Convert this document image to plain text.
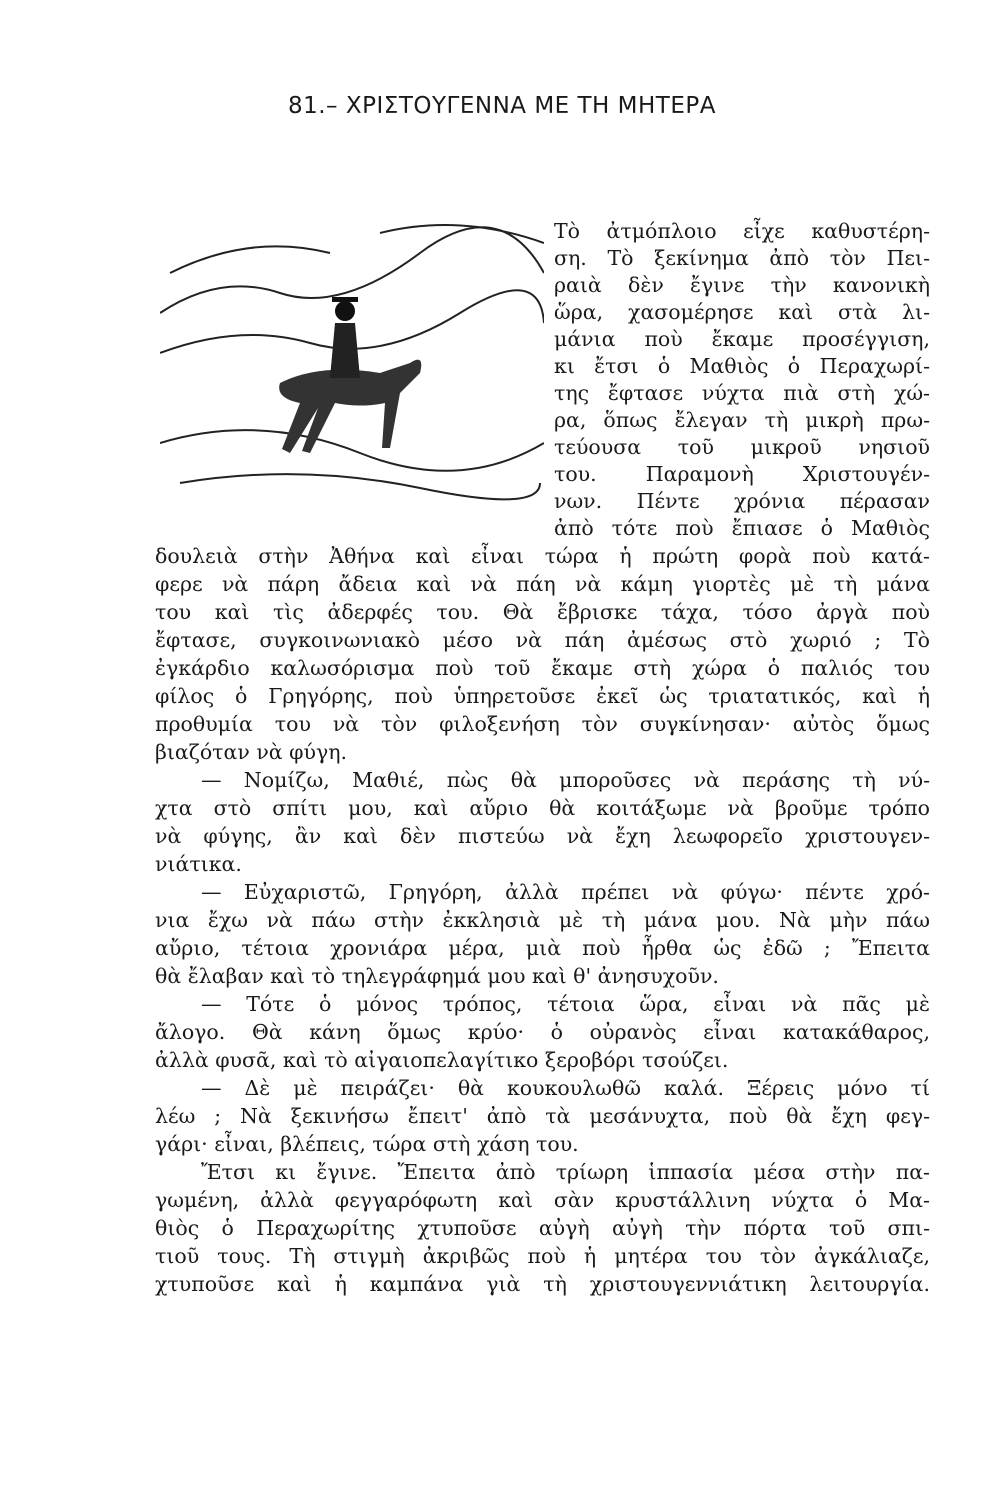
81.– ΧΡΙΣΤΟΥΓΕΝΝΑ ΜΕ ΤΗ ΜΗΤΕΡΑ
Τὸ ἀτμόπλοιο εἶχε καθυστέρη-
ση. Τὸ ξεκίνημα ἀπὸ τὸν Πει-
ραιὰ δὲν ἔγινε τὴν κανονικὴ
ὥρα, χασομέρησε καὶ στὰ λι-
μάνια ποὺ ἔκαμε προσέγγιση,
κι ἔτσι ὁ Μαθιὸς ὁ Περαχωρί-
της ἔφτασε νύχτα πιὰ στὴ χώ-
ρα, ὅπως ἔλεγαν τὴ μικρὴ πρω-
τεύουσα τοῦ μικροῦ νησιοῦ
του. Παραμονὴ Χριστουγέν-
νων. Πέντε χρόνια πέρασαν
ἀπὸ τότε ποὺ ἔπιασε ὁ Μαθιὸς
δουλειὰ στὴν Ἀθήνα καὶ εἶναι τώρα ἡ πρώτη φορὰ ποὺ κατά-
φερε νὰ πάρη ἄδεια καὶ νὰ πάη νὰ κάμη γιορτὲς μὲ τὴ μάνα
του καὶ τὶς ἀδερφές του. Θὰ ἔβρισκε τάχα, τόσο ἀργὰ ποὺ
ἔφτασε, συγκοινωνιακὸ μέσο νὰ πάη ἀμέσως στὸ χωριό ; Τὸ
ἐγκάρδιο καλωσόρισμα ποὺ τοῦ ἔκαμε στὴ χώρα ὁ παλιός του
φίλος ὁ Γρηγόρης, ποὺ ὑπηρετοῦσε ἐκεῖ ὡς τριατατικός, καὶ ἡ
προθυμία του νὰ τὸν φιλοξενήση τὸν συγκίνησαν· αὐτὸς ὅμως
βιαζόταν νὰ φύγη.
— Νομίζω, Μαθιέ, πὼς θὰ μποροῦσες νὰ περάσης τὴ νύ-
χτα στὸ σπίτι μου, καὶ αὔριο θὰ κοιτάξωμε νὰ βροῦμε τρόπο
νὰ φύγης, ἂν καὶ δὲν πιστεύω νὰ ἔχη λεωφορεῖο χριστουγεν-
νιάτικα.
— Εὐχαριστῶ, Γρηγόρη, ἀλλὰ πρέπει νὰ φύγω· πέντε χρό-
νια ἔχω νὰ πάω στὴν ἐκκλησιὰ μὲ τὴ μάνα μου. Νὰ μὴν πάω
αὔριο, τέτοια χρονιάρα μέρα, μιὰ ποὺ ἦρθα ὡς ἐδῶ ; Ἔπειτα
θὰ ἔλαβαν καὶ τὸ τηλεγράφημά μου καὶ θ' ἀνησυχοῦν.
— Τότε ὁ μόνος τρόπος, τέτοια ὥρα, εἶναι νὰ πᾶς μὲ
ἄλογο. Θὰ κάνη ὅμως κρύο· ὁ οὐρανὸς εἶναι κατακάθαρος,
ἀλλὰ φυσᾶ, καὶ τὸ αἰγαιοπελαγίτικο ξεροβόρι τσούζει.
— Δὲ μὲ πειράζει· θὰ κουκουλωθῶ καλά. Ξέρεις μόνο τί
λέω ; Νὰ ξεκινήσω ἔπειτ' ἀπὸ τὰ μεσάνυχτα, ποὺ θὰ ἔχη φεγ-
γάρι· εἶναι, βλέπεις, τώρα στὴ χάση του.
Ἔτσι κι ἔγινε. Ἔπειτα ἀπὸ τρίωρη ἱππασία μέσα στὴν πα-
γωμένη, ἀλλὰ φεγγαρόφωτη καὶ σὰν κρυστάλλινη νύχτα ὁ Μα-
θιὸς ὁ Περαχωρίτης χτυποῦσε αὐγὴ αὐγὴ τὴν πόρτα τοῦ σπι-
τιοῦ τους. Τὴ στιγμὴ ἀκριβῶς ποὺ ἡ μητέρα του τὸν ἀγκάλιαζε,
χτυποῦσε καὶ ἡ καμπάνα γιὰ τὴ χριστουγεννιάτικη λειτουργία.
